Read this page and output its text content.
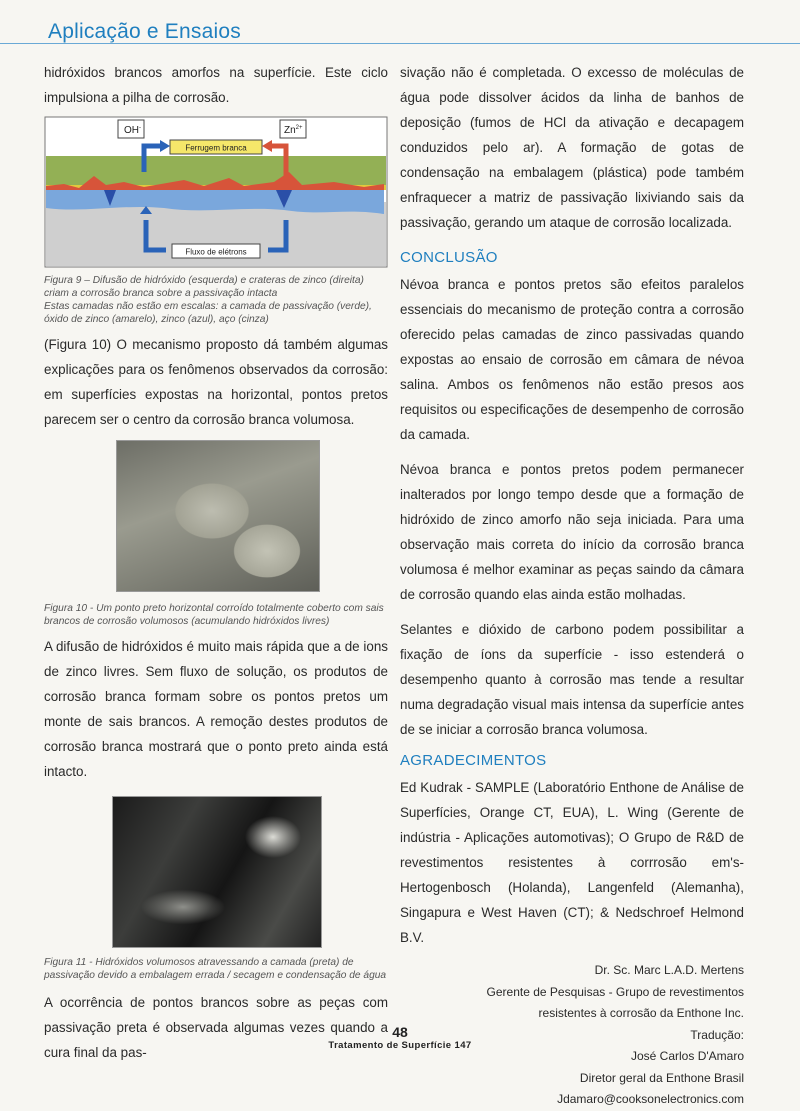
Aplicação e Ensaios

hidróxidos brancos amorfos na superfície. Este ciclo impulsiona a pilha de corrosão.

OH-	$Zn^{2+}$
Ferrugem branca
Fluxo de elétrons

Figura 9 – Difusão de hidróxido (esquerda) e crateras de zinco (direita) criam a corrosão branca sobre a passivação intacta

Estas camadas não estão em escalas: a camada de passivação (verde), óxido de zinco (amarelo), zinco (azul), aço (cinza)

(Figura 10) O mecanismo proposto dá também algumas explicações para os fenômenos observados da corrosão: em superfícies expostas na horizontal, pontos pretos parecem ser o centro da corrosão branca volumosa.

Figura 10 - Um ponto preto horizontal corroído totalmente coberto com sais brancos de corrosão volumosos (acumulando hidróxidos livres)

A difusão de hidróxidos é muito mais rápida que a de ions de zinco livres. Sem fluxo de solução, os produtos de corrosão branca formam sobre os pontos pretos um monte de sais brancos. A remoção destes produtos de corrosão branca mostrará que o ponto preto ainda está intacto.

Figura 11 - Hidróxidos volumosos atravessando a camada (preta) de passivação devido a embalagem errada / secagem e condensação de água

A ocorrência de pontos brancos sobre as peças com passivação preta é observada algumas vezes quando a cura final da pas-

sivação não é completada. O excesso de moléculas de água pode dissolver ácidos da linha de banhos de deposição (fumos de HCl da ativação e decapagem conduzidos pelo ar). A formação de gotas de condensação na embalagem (plástica) pode também enfraquecer a matriz de passivação lixiviando sais da passivação, gerando um ataque de corrosão localizada.

CONCLUSÃO

Névoa branca e pontos pretos são efeitos paralelos essenciais do mecanismo de proteção contra a corrosão oferecido pelas camadas de zinco passivadas quando expostas ao ensaio de corrosão em câmara de névoa salina. Ambos os fenômenos não estão presos aos requisitos ou especificações de desempenho de corrosão da camada.

Névoa branca e pontos pretos podem permanecer inalterados por longo tempo desde que a formação de hidróxido de zinco amorfo não seja iniciada. Para uma observação mais correta do início da corrosão branca volumosa é melhor examinar as peças saindo da câmara de corrosão quando elas ainda estão molhadas.

Selantes e dióxido de carbono podem possibilitar a fixação de íons da superfície - isso estenderá o desempenho quanto à corrosão mas tende a resultar numa degradação visual mais intensa da superfície antes de se iniciar a corrosão branca volumosa.

AGRADECIMENTOS

Ed Kudrak - SAMPLE (Laboratório Enthone de Análise de Superfícies, Orange CT, EUA), L. Wing (Gerente de indústria - Aplicações automotivas); O Grupo de R&D de revestimentos resistentes à corrrosão em's-Hertogenbosch (Holanda), Langenfeld (Alemanha), Singapura e West Haven (CT); & Nedschroef Helmond B.V.

Dr. Sc. Marc L.A.D. Mertens
Gerente de Pesquisas - Grupo de revestimentos
resistentes à corrosão da Enthone Inc.
Tradução:
José Carlos D'Amaro
Diretor geral da Enthone Brasil
Jdamaro@cooksonelectronics.com
48
Tratamento de Superfície 147
